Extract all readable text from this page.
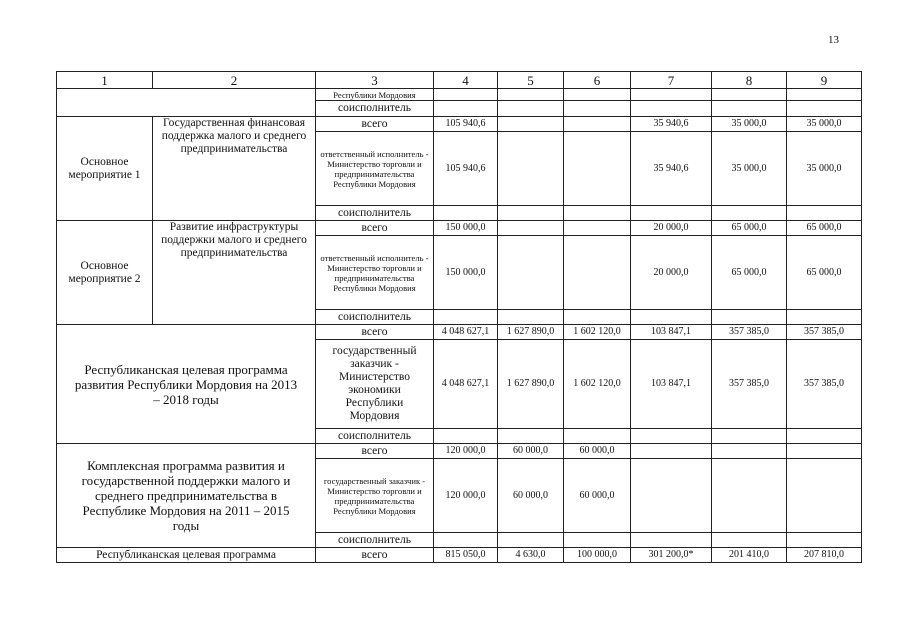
13
1	2	3	4	5	6	7	8	9
		Республики Мордовия						
		соисполнитель						
Основное мероприятие 1	Государственная финансовая поддержка малого и среднего предпринимательства	всего	105 940,6			35 940,6	35 000,0	35 000,0
		ответственный исполнитель - Министерство торговли и предпринимательства Республики Мордовия	105 940,6			35 940,6	35 000,0	35 000,0
		соисполнитель						
Основное мероприятие 2	Развитие инфраструктуры поддержки малого и среднего предпринимательства	всего	150 000,0			20 000,0	65 000,0	65 000,0
		ответственный исполнитель - Министерство торговли и предпринимательства Республики Мордовия	150 000,0			20 000,0	65 000,0	65 000,0
		соисполнитель						
Республиканская целевая программа развития Республики Мордовия на 2013 – 2018 годы		всего	4 048 627,1	1 627 890,0	1 602 120,0	103 847,1	357 385,0	357 385,0
		государственный заказчик - Министерство экономики Республики Мордовия	4 048 627,1	1 627 890,0	1 602 120,0	103 847,1	357 385,0	357 385,0
		соисполнитель						
Комплексная программа развития и государственной поддержки малого и среднего предпринимательства в Республике Мордовия на 2011 – 2015 годы		всего	120 000,0	60 000,0	60 000,0			
		государственный заказчик - Министерство торговли и предпринимательства Республики Мордовия	120 000,0	60 000,0	60 000,0			
		соисполнитель						
Республиканская целевая программа		всего	815 050,0	4 630,0	100 000,0	301 200,0*	201 410,0	207 810,0
